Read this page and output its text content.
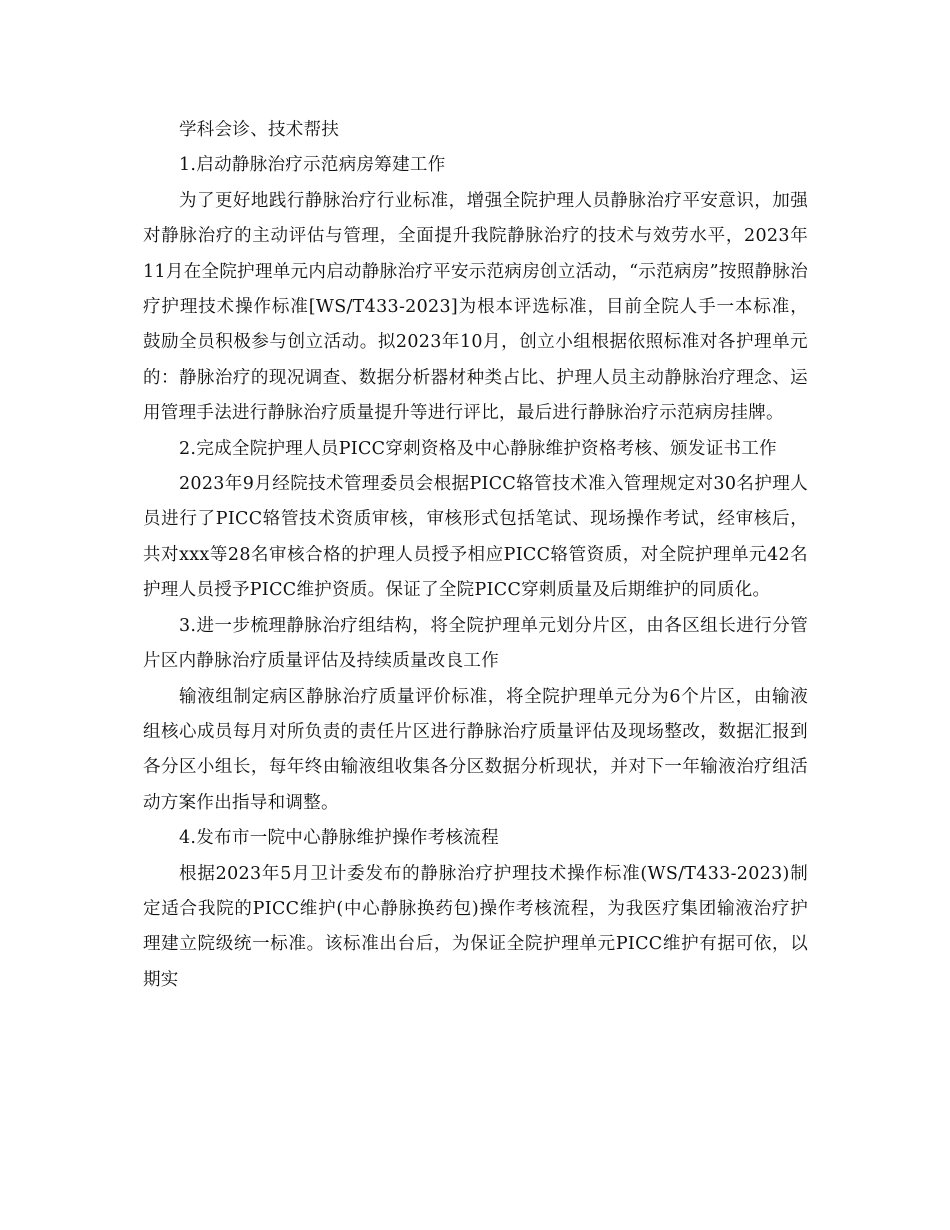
学科会诊、技术帮扶

1.启动静脉治疗示范病房筹建工作

为了更好地践行静脉治疗行业标准，增强全院护理人员静脉治疗平安意识，加强对静脉治疗的主动评估与管理，全面提升我院静脉治疗的技术与效劳水平，2023年11月在全院护理单元内启动静脉治疗平安示范病房创立活动，“示范病房”按照静脉治疗护理技术操作标准[WS/T433-2023]为根本评选标准，目前全院人手一本标准，鼓励全员积极参与创立活动。拟2023年10月，创立小组根据依照标准对各护理单元的：静脉治疗的现况调查、数据分析器材种类占比、护理人员主动静脉治疗理念、运用管理手法进行静脉治疗质量提升等进行评比，最后进行静脉治疗示范病房挂牌。

2.完成全院护理人员PICC穿刺资格及中心静脉维护资格考核、颁发证书工作

2023年9月经院技术管理委员会根据PICC辂管技术准入管理规定对30名护理人员进行了PICC辂管技术资质审核，审核形式包括笔试、现场操作考试，经审核后，共对xxx等28名审核合格的护理人员授予相应PICC辂管资质，对全院护理单元42名护理人员授予PICC维护资质。保证了全院PICC穿刺质量及后期维护的同质化。

3.进一步梳理静脉治疗组结构，将全院护理单元划分片区，由各区组长进行分管片区内静脉治疗质量评估及持续质量改良工作

输液组制定病区静脉治疗质量评价标准，将全院护理单元分为6个片区，由输液组核心成员每月对所负责的责任片区进行静脉治疗质量评估及现场整改，数据汇报到各分区小组长，每年终由输液组收集各分区数据分析现状，并对下一年输液治疗组活动方案作出指导和调整。

4.发布市一院中心静脉维护操作考核流程

根据2023年5月卫计委发布的静脉治疗护理技术操作标准(WS/T433-2023)制定适合我院的PICC维护(中心静脉换药包)操作考核流程，为我医疗集团输液治疗护理建立院级统一标准。该标准出台后，为保证全院护理单元PICC维护有据可依，以期实
